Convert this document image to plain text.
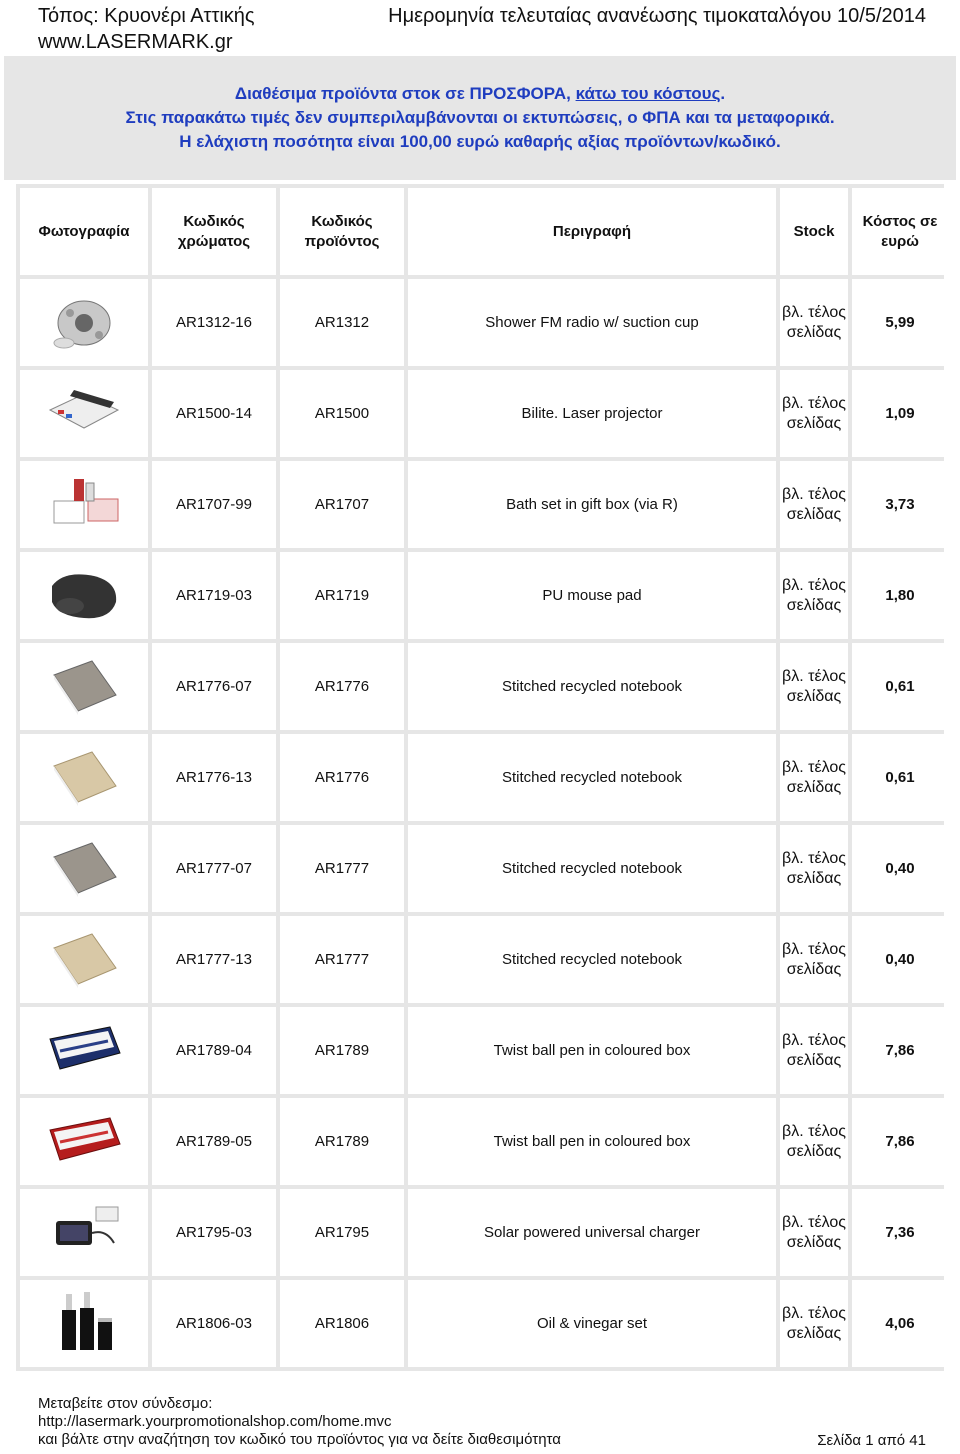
Τόπος: Κρυονέρι Αττικής
www.LASERMARK.gr
Ημερομηνία τελευταίας ανανέωσης τιμοκαταλόγου 10/5/2014
Διαθέσιμα προϊόντα στοκ σε ΠΡΟΣΦΟΡΑ, κάτω του κόστους.
Στις παρακάτω τιμές δεν συμπεριλαμβάνονται οι εκτυπώσεις, ο ΦΠΑ και τα μεταφορικά.
Η ελάχιστη ποσότητα είναι 100,00 ευρώ καθαρής αξίας προϊόντων/κωδικό.
Φωτογραφία	Κωδικός χρώματος	Κωδικός προϊόντος	Περιγραφή	Stock	Κόστος σε ευρώ
	AR1312-16	AR1312	Shower FM radio w/ suction cup	βλ. τέλος σελίδας	5,99
	AR1500-14	AR1500	Bilite. Laser projector	βλ. τέλος σελίδας	1,09
	AR1707-99	AR1707	Bath set in gift box (via R)	βλ. τέλος σελίδας	3,73
	AR1719-03	AR1719	PU mouse pad	βλ. τέλος σελίδας	1,80
	AR1776-07	AR1776	Stitched recycled notebook	βλ. τέλος σελίδας	0,61
	AR1776-13	AR1776	Stitched recycled notebook	βλ. τέλος σελίδας	0,61
	AR1777-07	AR1777	Stitched recycled notebook	βλ. τέλος σελίδας	0,40
	AR1777-13	AR1777	Stitched recycled notebook	βλ. τέλος σελίδας	0,40
	AR1789-04	AR1789	Twist ball pen in coloured box	βλ. τέλος σελίδας	7,86
	AR1789-05	AR1789	Twist ball pen in coloured box	βλ. τέλος σελίδας	7,86
	AR1795-03	AR1795	Solar powered universal charger	βλ. τέλος σελίδας	7,36
	AR1806-03	AR1806	Oil & vinegar set	βλ. τέλος σελίδας	4,06
Μεταβείτε στον σύνδεσμο:
http://lasermark.yourpromotionalshop.com/home.mvc
και βάλτε στην αναζήτηση τον κωδικό του προϊόντος για να δείτε διαθεσιμότητα	Σελίδα 1 από 41
